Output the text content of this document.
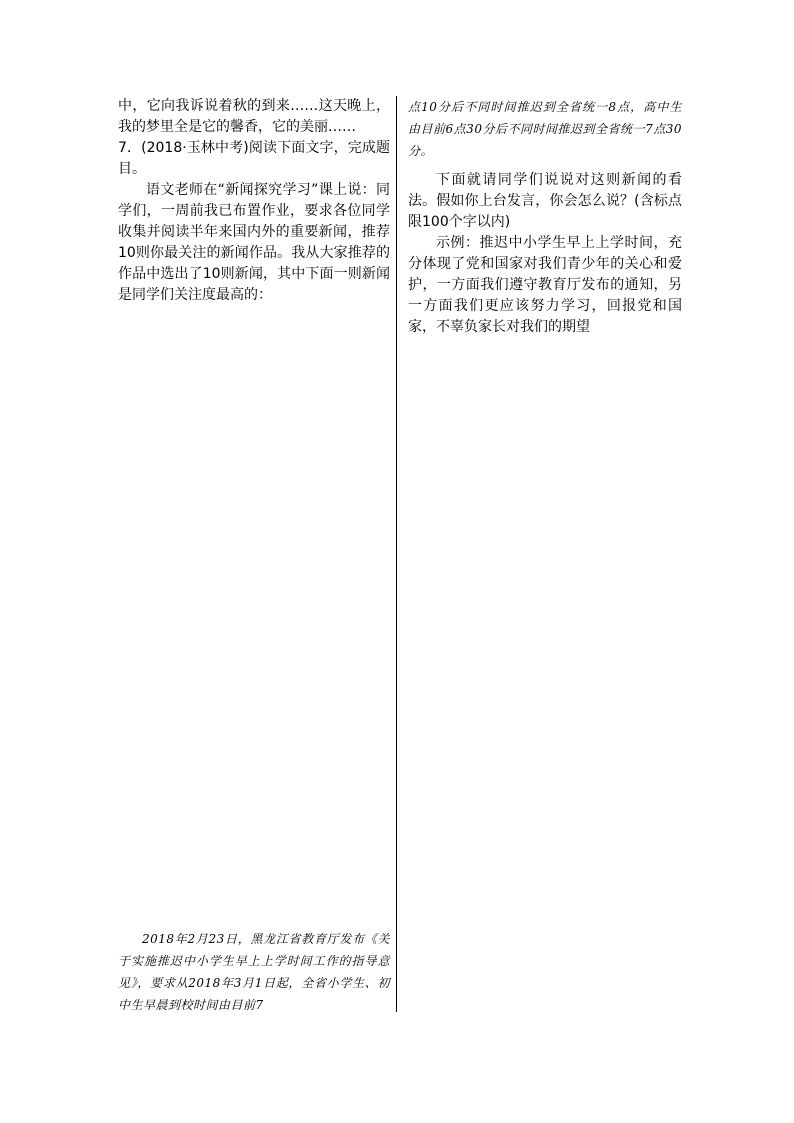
中，它向我诉说着秋的到来……这天晚上，我的梦里全是它的馨香，它的美丽……

7．(2018·玉林中考)阅读下面文字，完成题目。

语文老师在“新闻探究学习”课上说：同学们，一周前我已布置作业，要求各位同学收集并阅读半年来国内外的重要新闻，推荐10则你最关注的新闻作品。我从大家推荐的作品中选出了10则新闻，其中下面一则新闻是同学们关注度最高的：

2018年2月23日，黑龙江省教育厅发布《关于实施推迟中小学生早上上学时间工作的指导意见》，要求从2018年3月1日起，全省小学生、初中生早晨到校时间由目前7

点10分后不同时间推迟到全省统一8点，高中生由目前6点30分后不同时间推迟到全省统一7点30分。

下面就请同学们说说对这则新闻的看法。假如你上台发言，你会怎么说？(含标点限100个字以内)

示例：推迟中小学生早上上学时间，充分体现了党和国家对我们青少年的关心和爱护，一方面我们遵守教育厅发布的通知，另一方面我们更应该努力学习，回报党和国家，不辜负家长对我们的期望
